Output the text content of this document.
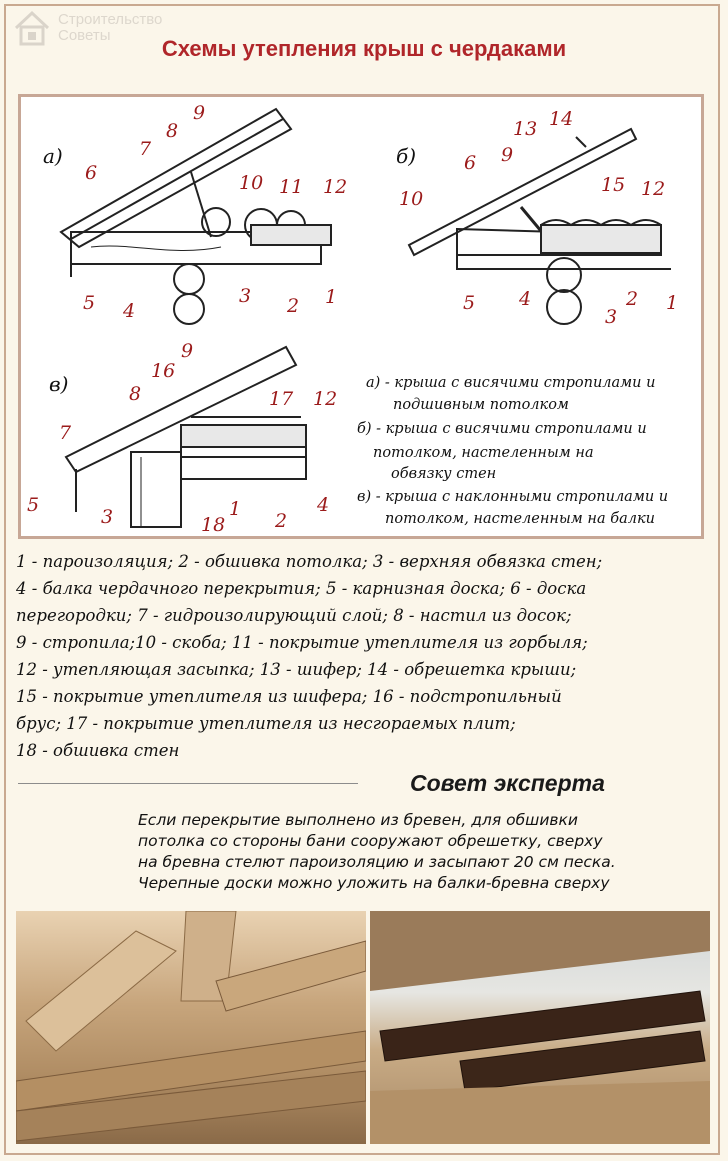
Строительство
Советы
Схемы утепления крыш с чердаками
а)	б)
в)
9
8
7
6	10 11 12
5 4
3 2 1
14
13
6 9
15 12
10
5 4
3
2 1
9
16
8	17 12
7
5
3	18
1
2
4
а) - крыша с висячими стропилами и
подшивным потолком
б) - крыша с висячими стропилами и
потолком, настеленным на
обвязку стен
в) - крыша с наклонными стропилами и
потолком, настеленным на балки
1 - пароизоляция; 2 - обшивка потолка; 3 - верхняя обвязка стен;
4 - балка чердачного перекрытия; 5 - карнизная доска; 6 - доска
перегородки; 7 - гидроизолирующий слой; 8 - настил из досок;
9 - стропила;10 - скоба; 11 - покрытие утеплителя из горбыля;
12 - утепляющая засыпка; 13 - шифер; 14 - обрешетка крыши;
15 - покрытие утеплителя из шифера; 16 - подстропильный
брус; 17 - покрытие утеплителя из несгораемых плит;
18 - обшивка стен
Совет эксперта
Если перекрытие выполнено из бревен, для обшивки
потолка со стороны бани сооружают обрешетку, сверху
на бревна стелют пароизоляцию и засыпают 20 см песка.
Черепные доски можно уложить на балки-бревна сверху
